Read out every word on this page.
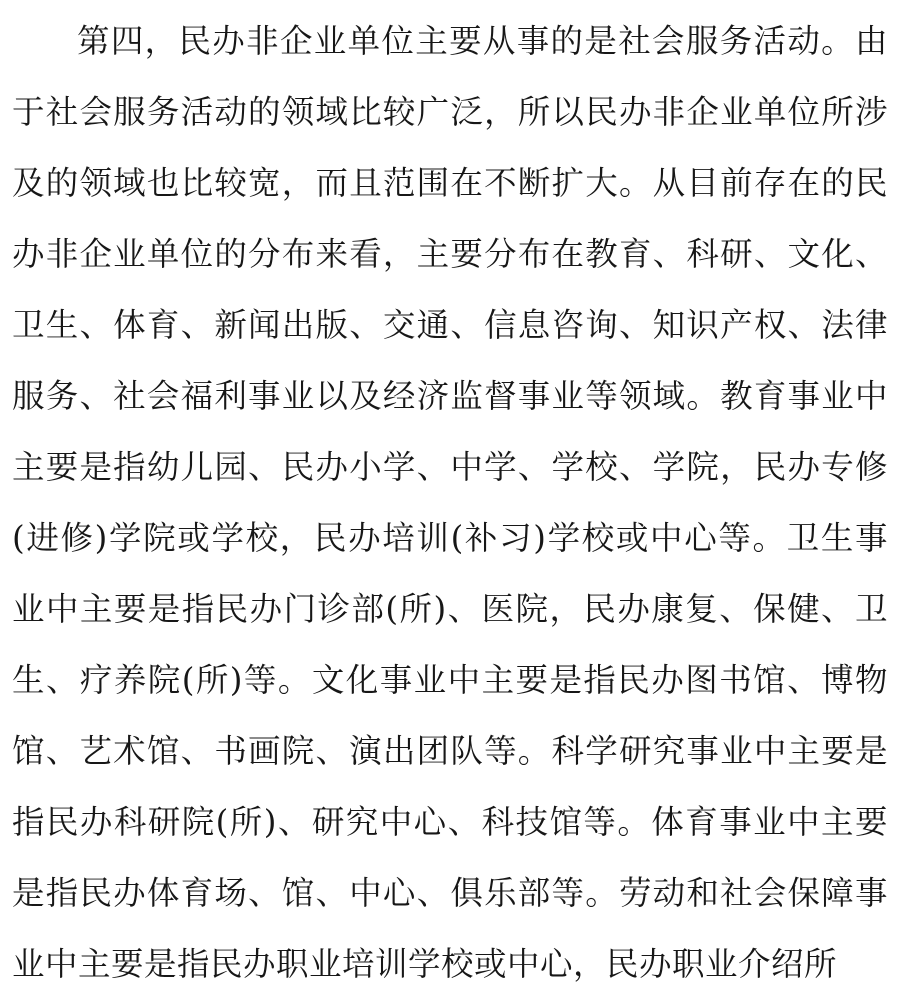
第四，民办非企业单位主要从事的是社会服务活动。由于社会服务活动的领域比较广泛，所以民办非企业单位所涉及的领域也比较宽，而且范围在不断扩大。从目前存在的民办非企业单位的分布来看，主要分布在教育、科研、文化、卫生、体育、新闻出版、交通、信息咨询、知识产权、法律服务、社会福利事业以及经济监督事业等领域。教育事业中主要是指幼儿园、民办小学、中学、学校、学院，民办专修(进修)学院或学校，民办培训(补习)学校或中心等。卫生事业中主要是指民办门诊部(所)、医院，民办康复、保健、卫生、疗养院(所)等。文化事业中主要是指民办图书馆、博物馆、艺术馆、书画院、演出团队等。科学研究事业中主要是指民办科研院(所)、研究中心、科技馆等。体育事业中主要是指民办体育场、馆、中心、俱乐部等。劳动和社会保障事业中主要是指民办职业培训学校或中心，民办职业介绍所
